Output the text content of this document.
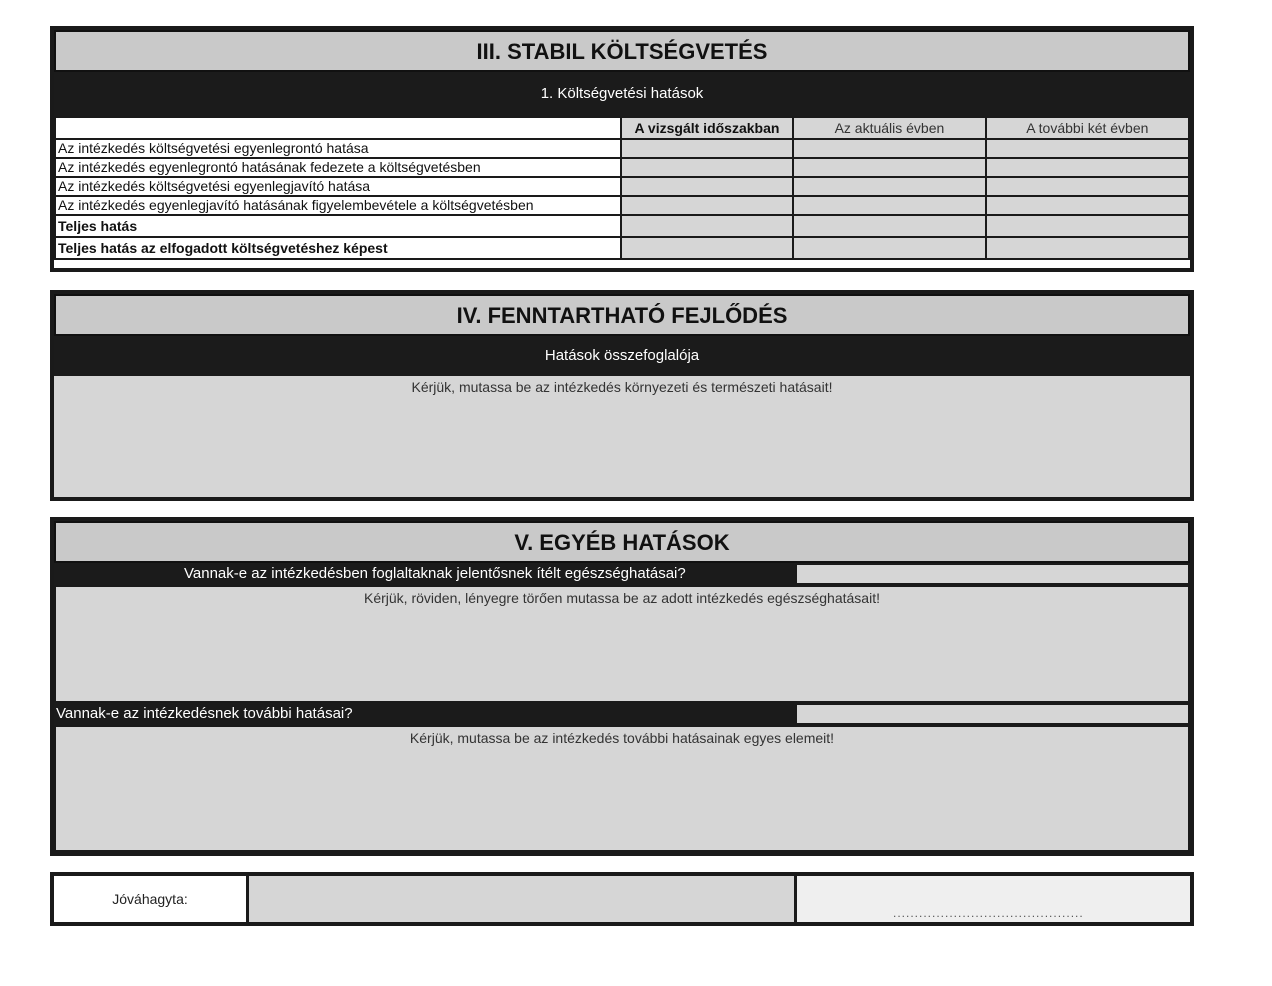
III. STABIL KÖLTSÉGVETÉS
1. Költségvetési hatások
	A vizsgált időszakban	Az aktuális évben	A további két évben
Az intézkedés költségvetési egyenlegrontó hatása			
Az intézkedés egyenlegrontó hatásának fedezete a költségvetésben			
Az intézkedés költségvetési egyenlegjavító hatása			
Az intézkedés egyenlegjavító hatásának figyelembevétele a költségvetésben			
Teljes hatás			
Teljes hatás az elfogadott költségvetéshez képest			
IV. FENNTARTHATÓ FEJLŐDÉS
Hatások összefoglalója
Kérjük, mutassa be az intézkedés környezeti és természeti hatásait!
V. EGYÉB HATÁSOK
Vannak-e az intézkedésben foglaltaknak jelentősnek ítélt egészséghatásai?
Kérjük, röviden, lényegre törően mutassa be az adott intézkedés egészséghatásait!
Vannak-e az intézkedésnek további hatásai?
Kérjük, mutassa be az intézkedés további hatásainak egyes elemeit!
Jóváhagyta:
............................................
